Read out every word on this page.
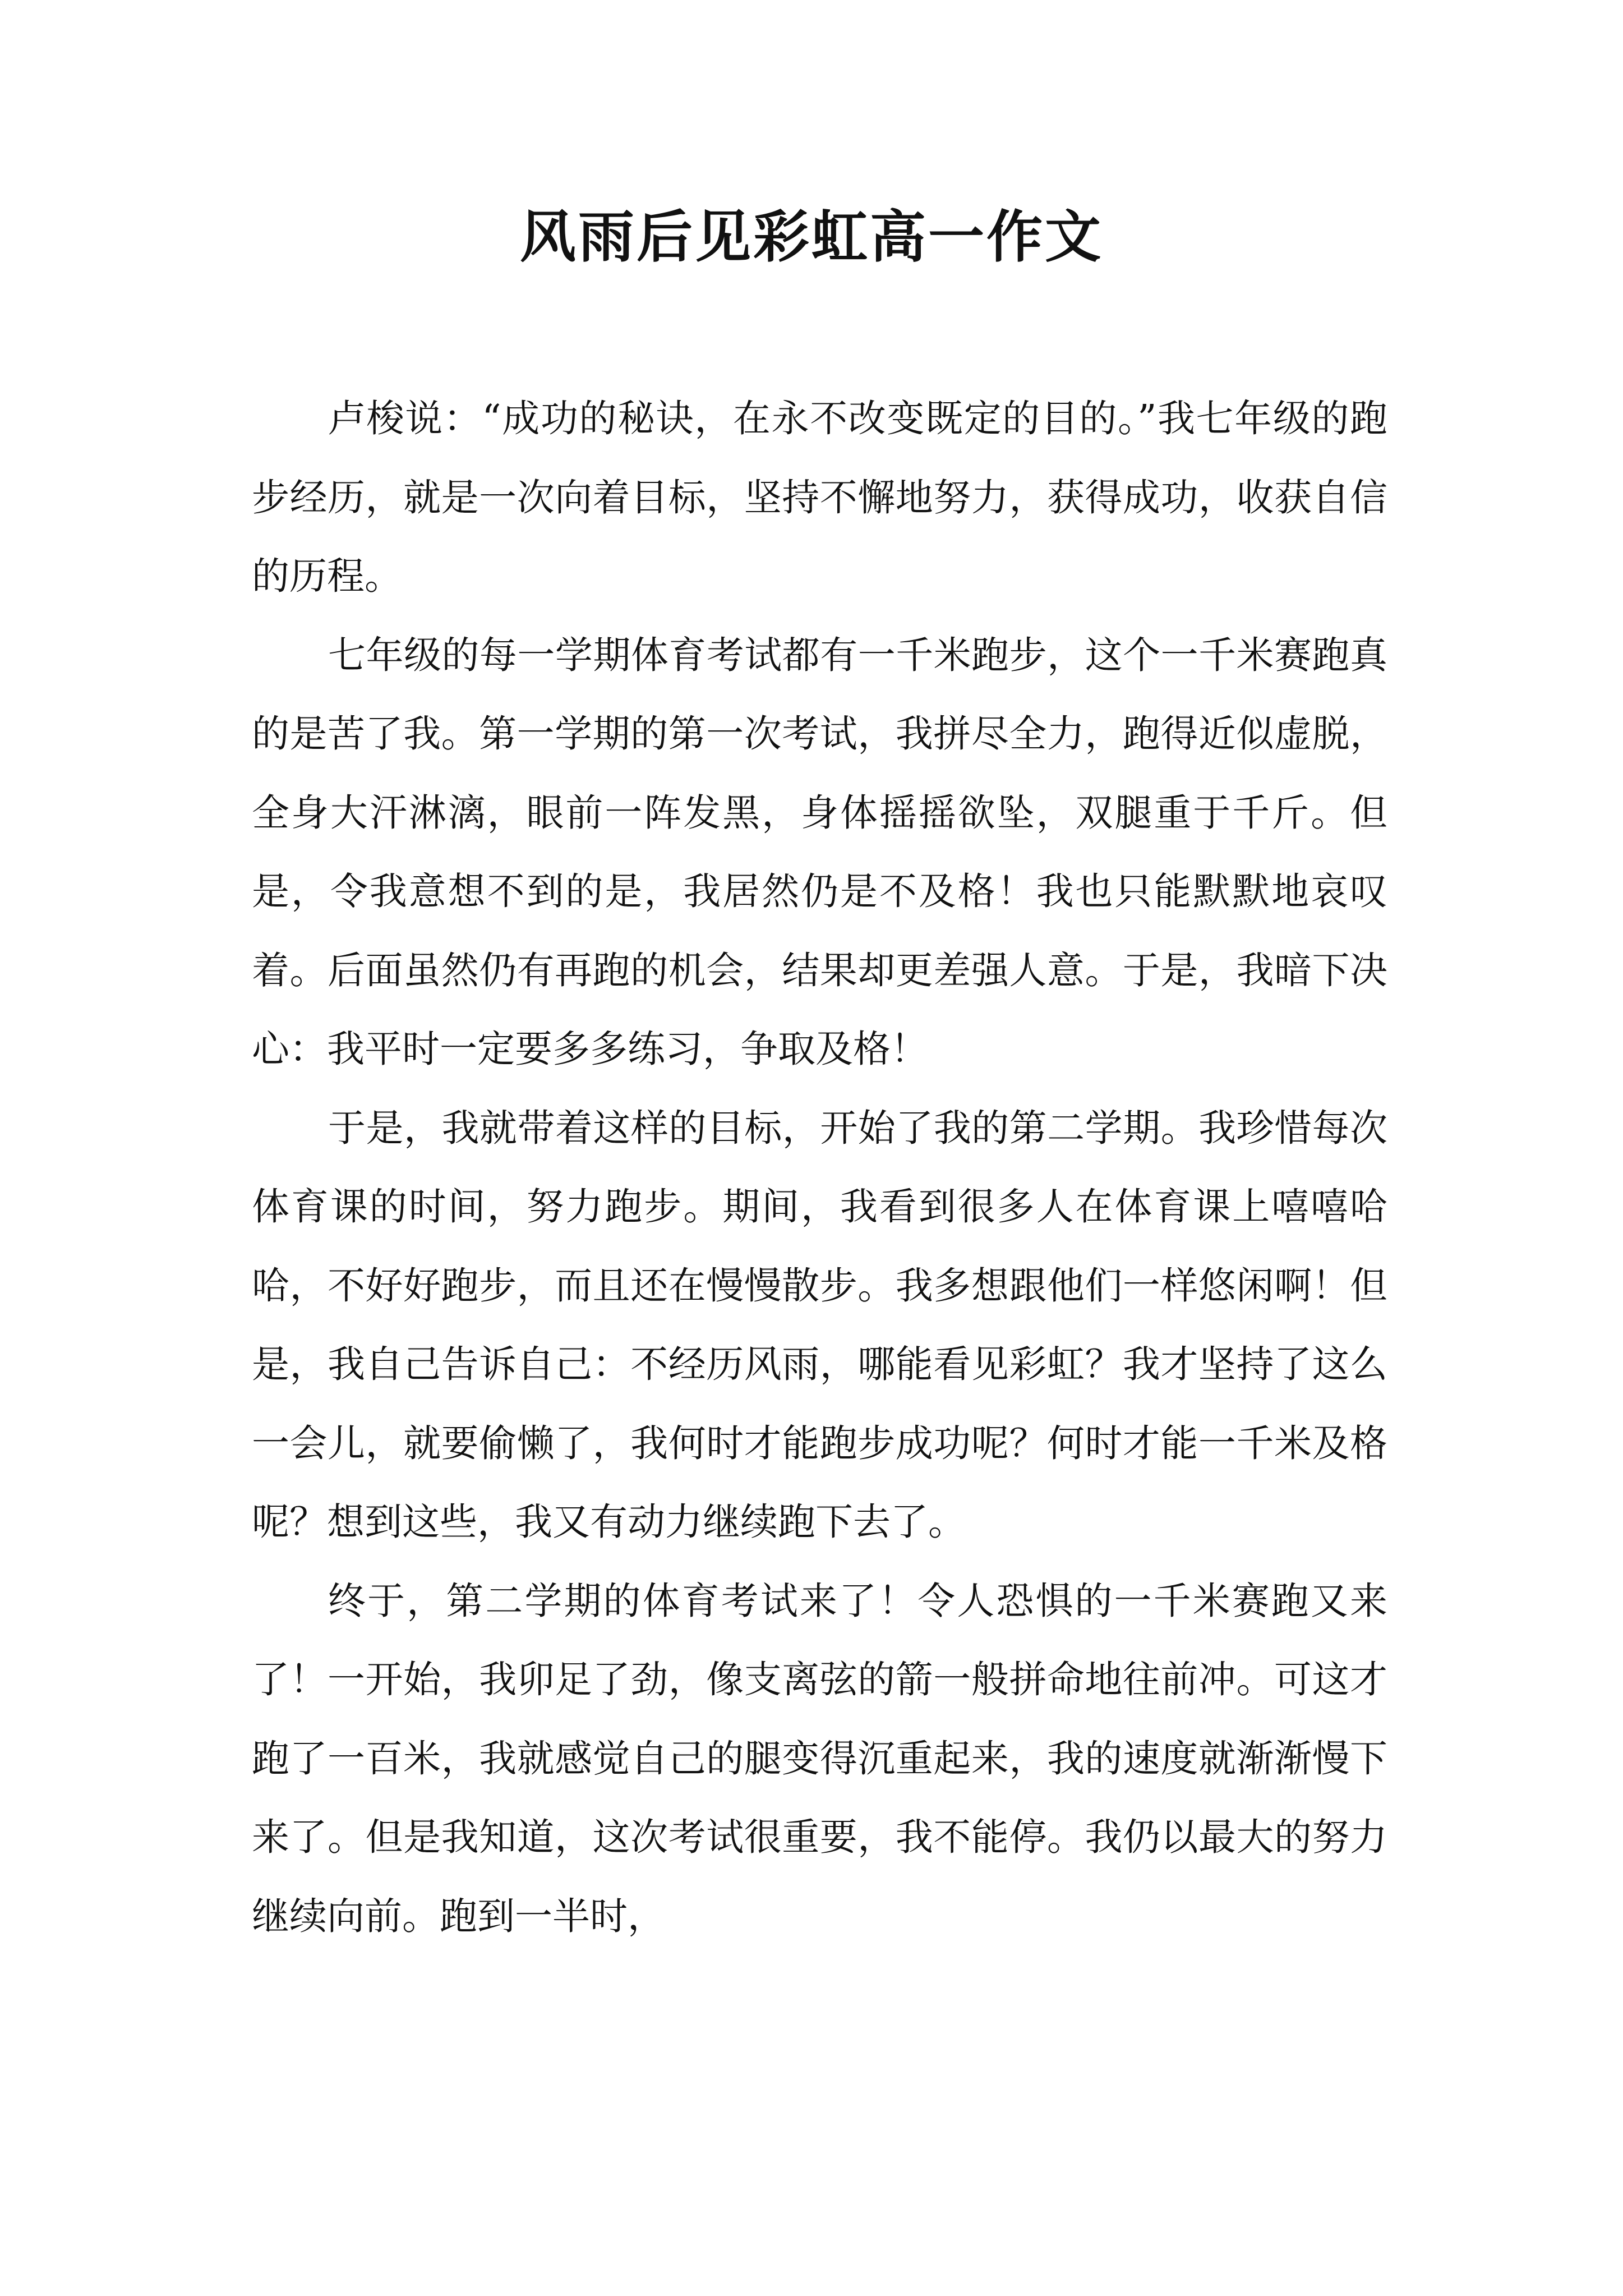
风雨后见彩虹高一作文

卢梭说：“成功的秘诀，在永不改变既定的目的。”我七年级的跑步经历，就是一次向着目标，坚持不懈地努力，获得成功，收获自信的历程。

七年级的每一学期体育考试都有一千米跑步，这个一千米赛跑真的是苦了我。第一学期的第一次考试，我拼尽全力，跑得近似虚脱，全身大汗淋漓，眼前一阵发黑，身体摇摇欲坠，双腿重于千斤。但是，令我意想不到的是，我居然仍是不及格！我也只能默默地哀叹着。后面虽然仍有再跑的机会，结果却更差强人意。于是，我暗下决心：我平时一定要多多练习，争取及格！

于是，我就带着这样的目标，开始了我的第二学期。我珍惜每次体育课的时间，努力跑步。期间，我看到很多人在体育课上嘻嘻哈哈，不好好跑步，而且还在慢慢散步。我多想跟他们一样悠闲啊！但是，我自己告诉自己：不经历风雨，哪能看见彩虹？我才坚持了这么一会儿，就要偷懒了，我何时才能跑步成功呢？何时才能一千米及格呢？想到这些，我又有动力继续跑下去了。

终于，第二学期的体育考试来了！令人恐惧的一千米赛跑又来了！一开始，我卯足了劲，像支离弦的箭一般拼命地往前冲。可这才跑了一百米，我就感觉自己的腿变得沉重起来，我的速度就渐渐慢下来了。但是我知道，这次考试很重要，我不能停。我仍以最大的努力继续向前。跑到一半时，
